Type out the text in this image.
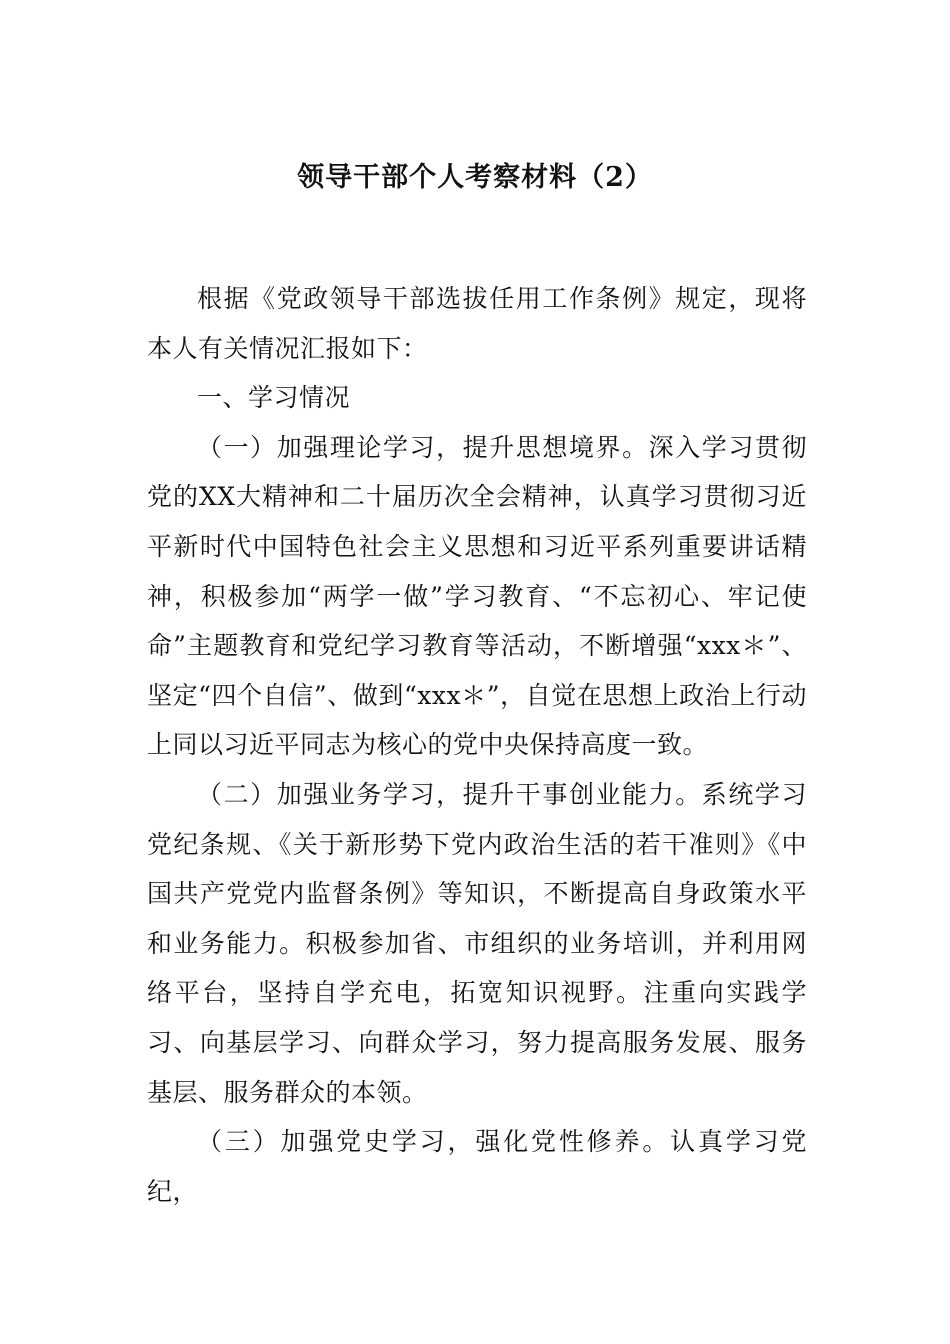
领导干部个人考察材料（2）

根据《党政领导干部选拔任用工作条例》规定，现将本人有关情况汇报如下：

一、学习情况

（一）加强理论学习，提升思想境界。深入学习贯彻党的XX大精神和二十届历次全会精神，认真学习贯彻习近平新时代中国特色社会主义思想和习近平系列重要讲话精神，积极参加“两学一做”学习教育、“不忘初心、牢记使命”主题教育和党纪学习教育等活动，不断增强“xxx＊”、坚定“四个自信”、做到“xxx＊”，自觉在思想上政治上行动上同以习近平同志为核心的党中央保持高度一致。

（二）加强业务学习，提升干事创业能力。系统学习党纪条规、《关于新形势下党内政治生活的若干准则》《中国共产党党内监督条例》等知识，不断提高自身政策水平和业务能力。积极参加省、市组织的业务培训，并利用网络平台，坚持自学充电，拓宽知识视野。注重向实践学习、向基层学习、向群众学习，努力提高服务发展、服务基层、服务群众的本领。

（三）加强党史学习，强化党性修养。认真学习党纪，
